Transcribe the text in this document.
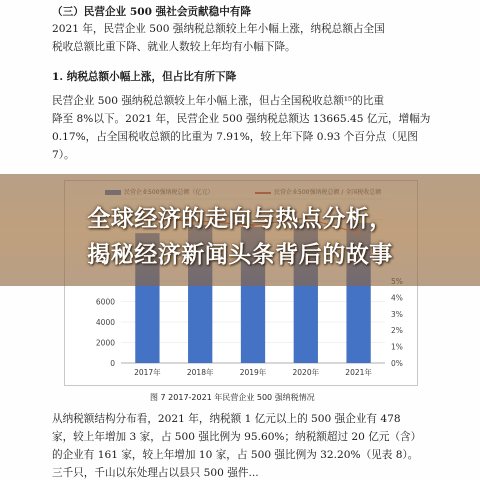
（三）民营企业 500 强社会贡献稳中有降
2021 年，民营企业 500 强纳税总额较上年小幅上涨，纳税总额占全国
税收总额比重下降、就业人数较上年均有小幅下降。
1. 纳税总额小幅上涨，但占比有所下降
民营企业 500 强纳税总额较上年小幅上涨，但占全国税收总额¹⁵的比重
降至 8%以下。2021 年，民营企业 500 强纳税总额达 13665.45 亿元，增幅为
0.17%，占全国税收总额的比重为 7.91%，较上年下降 0.93 个百分点（见图
7）。
6000
4000
2000
0
4%
3%
2%
1%
0%
2017年	2018年	2019年	2020年	2021年
图 7 2017-2021 年民营企业 500 强纳税情况
从纳税额结构分布看，2021 年，纳税额 1 亿元以上的 500 强企业有 478
家，较上年增加 3 家，占 500 强比例为 95.60%；纳税额超过 20 亿元（含）
的企业有 161 家，较上年增加 10 家，占 500 强比例为 32.20%（见表 8）。
三千只，千山以东处理占以县只 500 强件...
全球经济的走向与热点分析，
揭秘经济新闻头条背后的故事
